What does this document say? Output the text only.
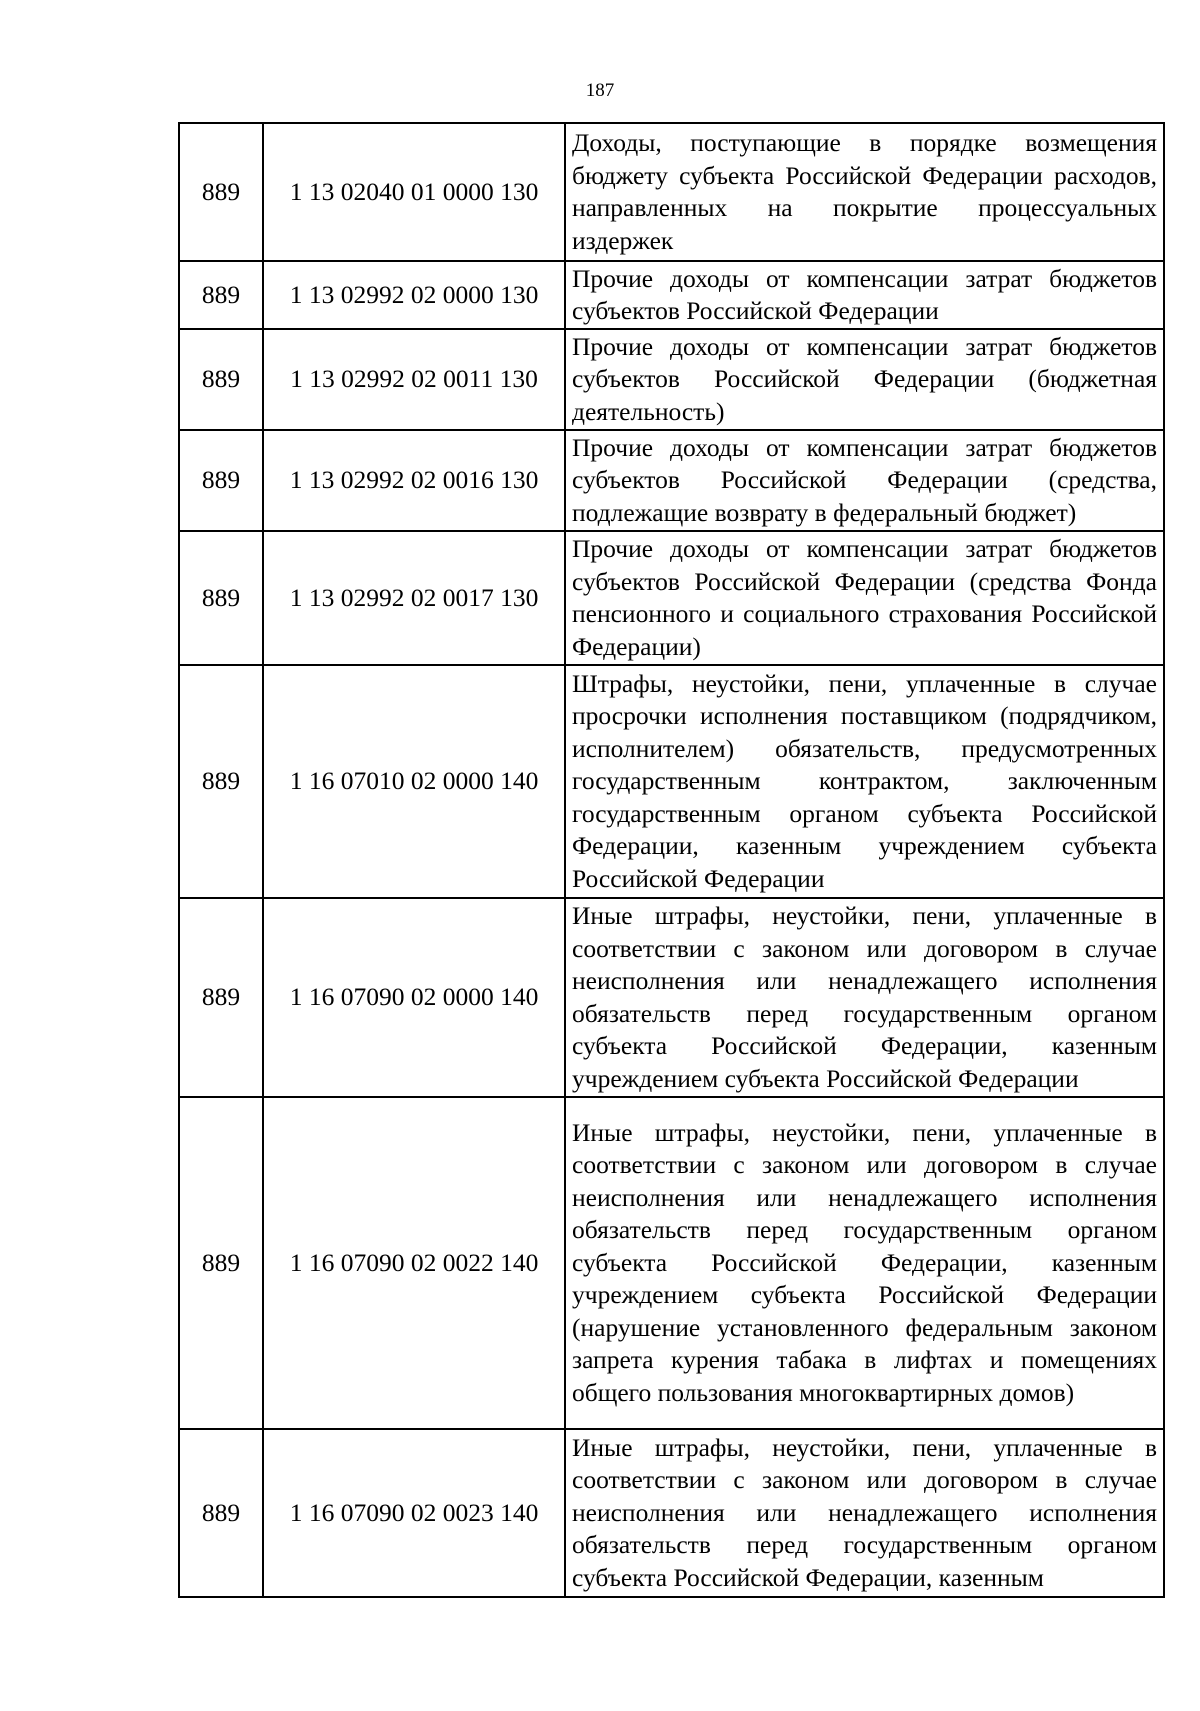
187
889	1 13 02040 01 0000 130	Доходы, поступающие в порядке возмещения бюджету субъекта Российской Федерации расходов, направленных на покрытие процессуальных издержек
889	1 13 02992 02 0000 130	Прочие доходы от компенсации затрат бюджетов субъектов Российской Федерации
889	1 13 02992 02 0011 130	Прочие доходы от компенсации затрат бюджетов субъектов Российской Федерации (бюджетная деятельность)
889	1 13 02992 02 0016 130	Прочие доходы от компенсации затрат бюджетов субъектов Российской Федерации (средства, подлежащие возврату в федеральный бюджет)
889	1 13 02992 02 0017 130	Прочие доходы от компенсации затрат бюджетов субъектов Российской Федерации (средства Фонда пенсионного и социального страхования Российской Федерации)
889	1 16 07010 02 0000 140	Штрафы, неустойки, пени, уплаченные в случае просрочки исполнения поставщиком (подрядчиком, исполнителем) обязательств, предусмотренных государственным контрактом, заключенным государственным органом субъекта Российской Федерации, казенным учреждением субъекта Российской Федерации
889	1 16 07090 02 0000 140	Иные штрафы, неустойки, пени, уплаченные в соответствии с законом или договором в случае неисполнения или ненадлежащего исполнения обязательств перед государственным органом субъекта Российской Федерации, казенным учреждением субъекта Российской Федерации
889	1 16 07090 02 0022 140	Иные штрафы, неустойки, пени, уплаченные в соответствии с законом или договором в случае неисполнения или ненадлежащего исполнения обязательств перед государственным органом субъекта Российской Федерации, казенным учреждением субъекта Российской Федерации (нарушение установленного федеральным законом запрета курения табака в лифтах и помещениях общего пользования многоквартирных домов)
889	1 16 07090 02 0023 140	Иные штрафы, неустойки, пени, уплаченные в соответствии с законом или договором в случае неисполнения или ненадлежащего исполнения обязательств перед государственным органом субъекта Российской Федерации, казенным
